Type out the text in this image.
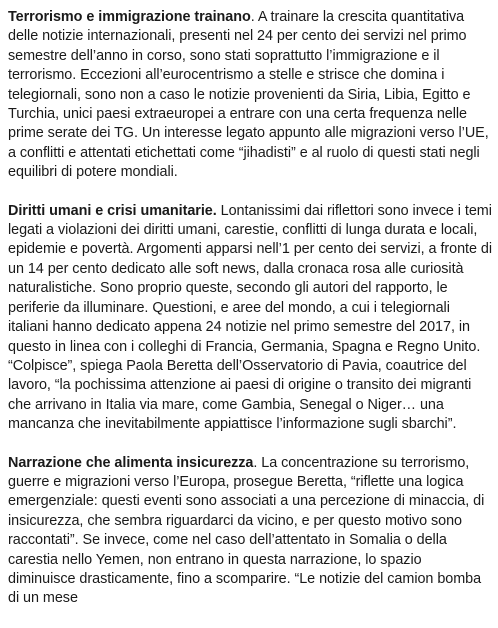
Terrorismo e immigrazione trainano. A trainare la crescita quantitativa delle notizie internazionali, presenti nel 24 per cento dei servizi nel primo semestre dell’anno in corso, sono stati soprattutto l’immigrazione e il terrorismo. Eccezioni all’eurocentrismo a stelle e strisce che domina i telegiornali, sono non a caso le notizie provenienti da Siria, Libia, Egitto e Turchia, unici paesi extraeuropei a entrare con una certa frequenza nelle prime serate dei TG. Un interesse legato appunto alle migrazioni verso l’UE, a conflitti e attentati etichettati come “jihadisti” e al ruolo di questi stati negli equilibri di potere mondiali.

Diritti umani e crisi umanitarie. Lontanissimi dai riflettori sono invece i temi legati a violazioni dei diritti umani, carestie, conflitti di lunga durata e locali, epidemie e povertà. Argomenti apparsi nell’1 per cento dei servizi, a fronte di un 14 per cento dedicato alle soft news, dalla cronaca rosa alle curiosità naturalistiche. Sono proprio queste, secondo gli autori del rapporto, le periferie da illuminare. Questioni, e aree del mondo, a cui i telegiornali italiani hanno dedicato appena 24 notizie nel primo semestre del 2017, in questo in linea con i colleghi di Francia, Germania, Spagna e Regno Unito. “Colpisce”, spiega Paola Beretta dell’Osservatorio di Pavia, coautrice del lavoro, “la pochissima attenzione ai paesi di origine o transito dei migranti che arrivano in Italia via mare, come Gambia, Senegal o Niger… una mancanza che inevitabilmente appiattisce l’informazione sugli sbarchi”.

Narrazione che alimenta insicurezza. La concentrazione su terrorismo, guerre e migrazioni verso l’Europa, prosegue Beretta, “riflette una logica emergenziale: questi eventi sono associati a una percezione di minaccia, di insicurezza, che sembra riguardarci da vicino, e per questo motivo sono raccontati”. Se invece, come nel caso dell’attentato in Somalia o della carestia nello Yemen, non entrano in questa narrazione, lo spazio diminuisce drasticamente, fino a scomparire. “Le notizie del camion bomba di un mese
